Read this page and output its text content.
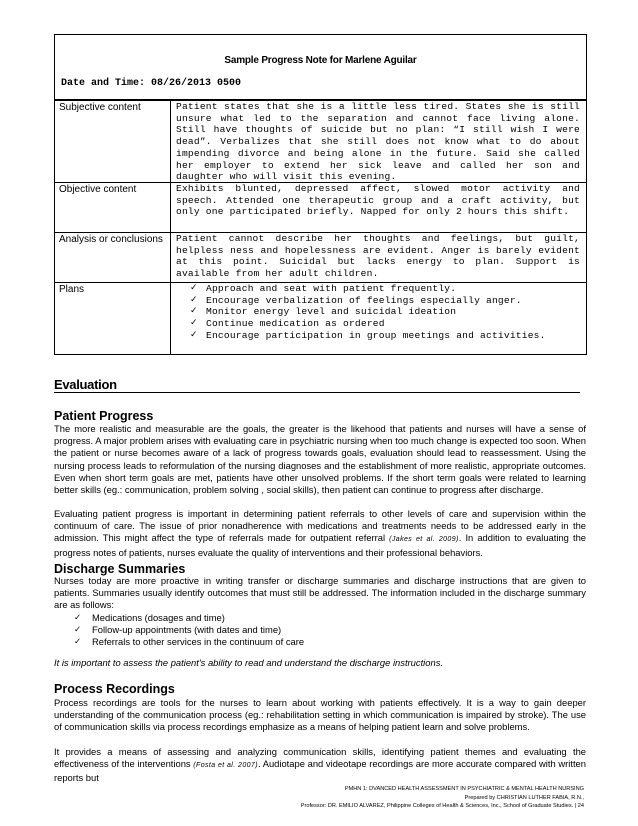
Sample Progress Note for Marlene Aguilar
Date and Time: 08/26/2013 0500
Subjective content	Patient states that she is a little less tired. States she is still unsure what led to the separation and cannot face living alone. Still have thoughts of suicide but no plan: “I still wish I were dead”. Verbalizes that she still does not know what to do about impending divorce and being alone in the future. Said she called her employer to extend her sick leave and called her son and daughter who will visit this evening.
Objective content	Exhibits blunted, depressed affect, slowed motor activity and speech. Attended one therapeutic group and a craft activity, but only one participated briefly. Napped for only 2 hours this shift.
Analysis or conclusions	Patient cannot describe her thoughts and feelings, but guilt, helpless ness and hopelessness are evident. Anger is barely evident at this point. Suicidal but lacks energy to plan. Support is available from her adult children.
Plans	✓ Approach and seat with patient frequently.
✓ Encourage verbalization of feelings especially anger.
✓ Monitor energy level and suicidal ideation
✓ Continue medication as ordered
✓ Encourage participation in group meetings and activities.
Evaluation
Patient Progress
The more realistic and measurable are the goals, the greater is the likehood that patients and nurses will have a sense of progress. A major problem arises with evaluating care in psychiatric nursing when too much change is expected too soon. When the patient or nurse becomes aware of a lack of progress towards goals, evaluation should lead to reassessment. Using the nursing process leads to reformulation of the nursing diagnoses and the establishment of more realistic, appropriate outcomes. Even when short term goals are met, patients have other unsolved problems. If the short term goals were related to learning better skills (eg.: communication, problem solving , social skills), then patient can continue to progress after discharge.
Evaluating patient progress is important in determining patient referrals to other levels of care and supervision within the continuum of care. The issue of prior nonadherence with medications and treatments needs to be addressed early in the admission. This might affect the type of referrals made for outpatient referral (Jakes et al. 2009). In addition to evaluating the progress notes of patients, nurses evaluate the quality of interventions and their professional behaviors.
Discharge Summaries
Nurses today are more proactive in writing transfer or discharge summaries and discharge instructions that are given to patients. Summaries usually identify outcomes that must still be addressed. The information included in the discharge summary are as follows:
✓	Medications (dosages and time)
✓	Follow-up appointments (with dates and time)
✓	Referrals to other services in the continuum of care
It is important to assess the patient's ability to read and understand the discharge instructions.
Process Recordings
Process recordings are tools for the nurses to learn about working with patients effectively. It is a way to gain deeper understanding of the communication process (eg.: rehabilitation setting in which communication is impaired by stroke). The use of communication skills via process recordings emphasize as a means of helping patient learn and solve problems.
It provides a means of assessing and analyzing communication skills, identifying patient themes and evaluating the effectiveness of the interventions (Fosta et al. 2007). Audiotape and videotape recordings are more accurate compared with written reports but
PMHN 1: DVANCED HEALTH ASSESSMENT IN PSYCHIATRIC & MENTAL HEALTH NURSING
Prepared by CHRISTIAN LUTHER FABIA, R.N.,
Professor: DR. EMILIO ALVAREZ, Philippine Colleges of Health & Sciences, Inc., School of Graduate Studies. | 24
